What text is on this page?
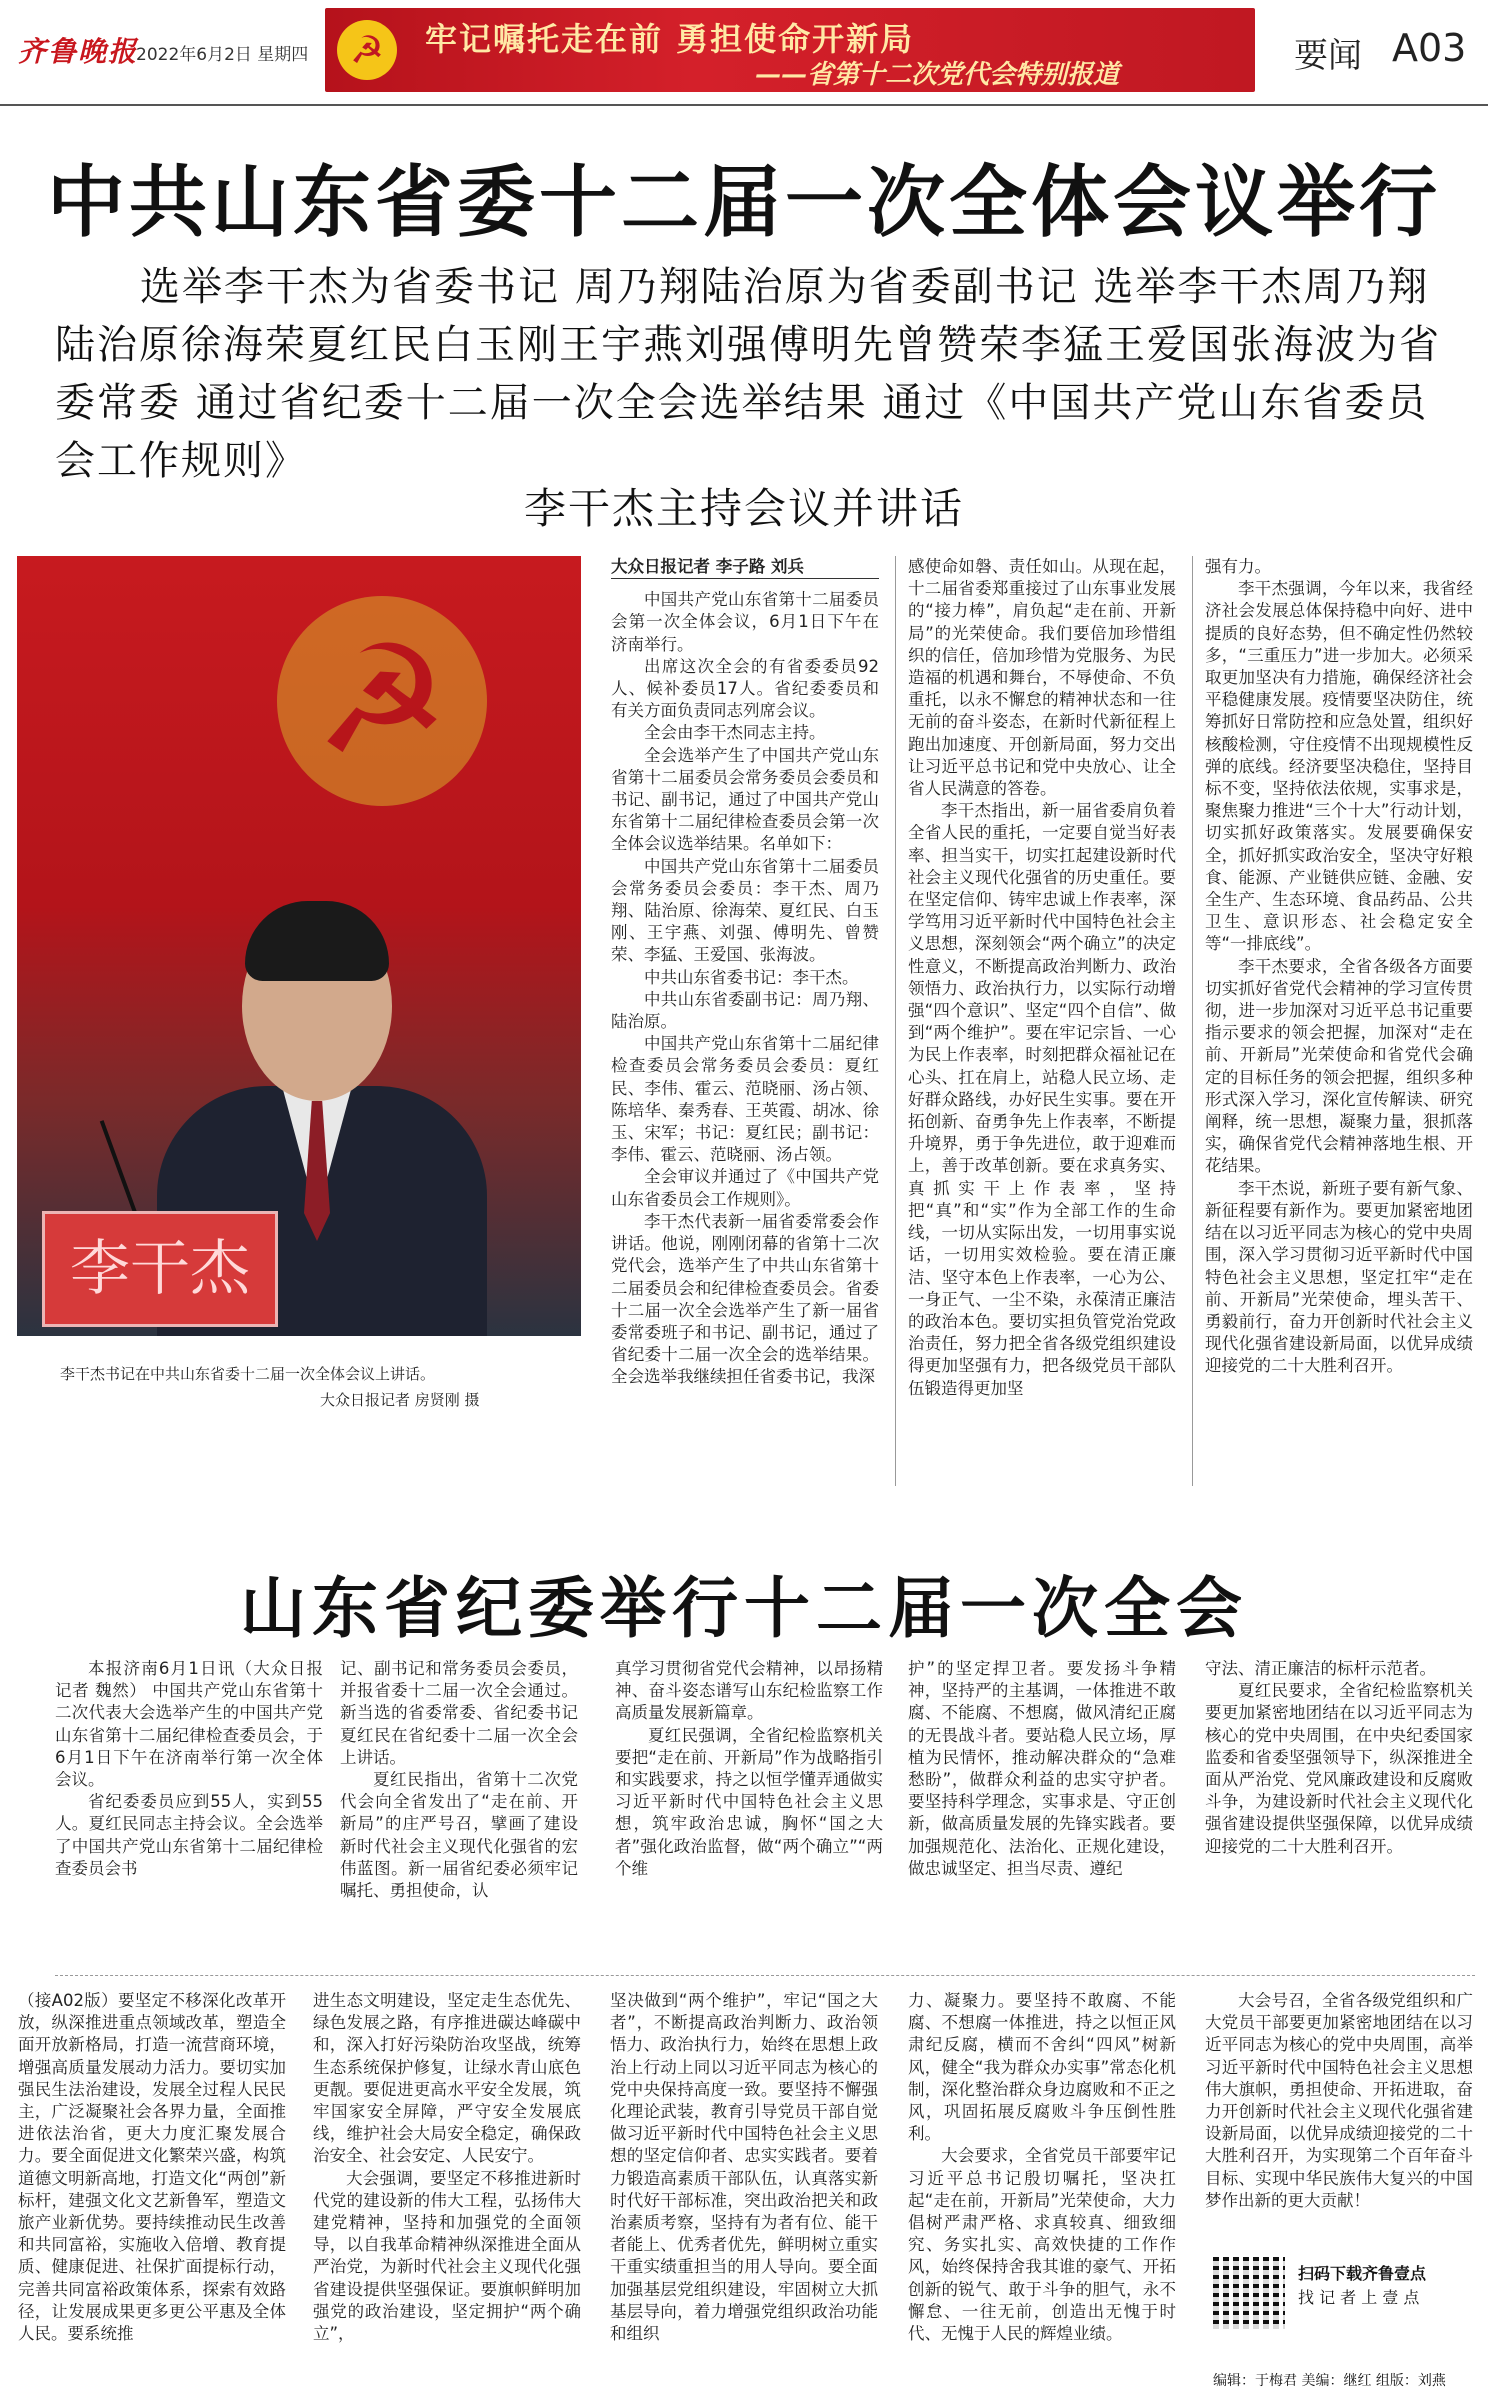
齐鲁晚报
2022年6月2日 星期四	☭	牢记嘱托走在前 勇担使命开新局
——省第十二次党代会特别报道	要闻 A03
中共山东省委十二届一次全体会议举行
选举李干杰为省委书记 周乃翔陆治原为省委副书记 选举李干杰周乃翔陆治原徐海荣夏红民白玉刚王宇燕刘强傅明先曾赞荣李猛王爱国张海波为省委常委 通过省纪委十二届一次全会选举结果 通过《中国共产党山东省委员会工作规则》
李干杰主持会议并讲话
☭
李干杰
李干杰书记在中共山东省委十二届一次全体会议上讲话。
大众日报记者 房贤刚 摄
大众日报记者 李子路 刘兵

中国共产党山东省第十二届委员会第一次全体会议，6月1日下午在济南举行。

出席这次全会的有省委委员92人、候补委员17人。省纪委委员和有关方面负责同志列席会议。

全会由李干杰同志主持。

全会选举产生了中国共产党山东省第十二届委员会常务委员会委员和书记、副书记，通过了中国共产党山东省第十二届纪律检查委员会第一次全体会议选举结果。名单如下：

中国共产党山东省第十二届委员会常务委员会委员：李干杰、周乃翔、陆治原、徐海荣、夏红民、白玉刚、王宇燕、刘强、傅明先、曾赞荣、李猛、王爱国、张海波。

中共山东省委书记：李干杰。

中共山东省委副书记：周乃翔、陆治原。

中国共产党山东省第十二届纪律检查委员会常务委员会委员：夏红民、李伟、霍云、范晓丽、汤占领、陈培华、秦秀春、王英霞、胡冰、徐玉、宋军；书记：夏红民；副书记：李伟、霍云、范晓丽、汤占领。

全会审议并通过了《中国共产党山东省委员会工作规则》。

李干杰代表新一届省委常委会作讲话。他说，刚刚闭幕的省第十二次党代会，选举产生了中共山东省第十二届委员会和纪律检查委员会。省委十二届一次全会选举产生了新一届省委常委班子和书记、副书记，通过了省纪委十二届一次全会的选举结果。全会选举我继续担任省委书记，我深

感使命如磐、责任如山。从现在起，十二届省委郑重接过了山东事业发展的“接力棒”，肩负起“走在前、开新局”的光荣使命。我们要倍加珍惜组织的信任，倍加珍惜为党服务、为民造福的机遇和舞台，不辱使命、不负重托，以永不懈怠的精神状态和一往无前的奋斗姿态，在新时代新征程上跑出加速度、开创新局面，努力交出让习近平总书记和党中央放心、让全省人民满意的答卷。

李干杰指出，新一届省委肩负着全省人民的重托，一定要自觉当好表率、担当实干，切实扛起建设新时代社会主义现代化强省的历史重任。要在坚定信仰、铸牢忠诚上作表率，深学笃用习近平新时代中国特色社会主义思想，深刻领会“两个确立”的决定性意义，不断提高政治判断力、政治领悟力、政治执行力，以实际行动增强“四个意识”、坚定“四个自信”、做到“两个维护”。要在牢记宗旨、一心为民上作表率，时刻把群众福祉记在心头、扛在肩上，站稳人民立场、走好群众路线，办好民生实事。要在开拓创新、奋勇争先上作表率，不断提升境界，勇于争先进位，敢于迎难而上，善于改革创新。要在求真务实、真抓实干上作表率，坚持把“真”和“实”作为全部工作的生命线，一切从实际出发，一切用事实说话，一切用实效检验。要在清正廉洁、坚守本色上作表率，一心为公、一身正气、一尘不染，永葆清正廉洁的政治本色。要切实担负管党治党政治责任，努力把全省各级党组织建设得更加坚强有力，把各级党员干部队伍锻造得更加坚

强有力。

李干杰强调，今年以来，我省经济社会发展总体保持稳中向好、进中提质的良好态势，但不确定性仍然较多，“三重压力”进一步加大。必须采取更加坚决有力措施，确保经济社会平稳健康发展。疫情要坚决防住，统筹抓好日常防控和应急处置，组织好核酸检测，守住疫情不出现规模性反弹的底线。经济要坚决稳住，坚持目标不变，坚持依法依规，实事求是，聚焦聚力推进“三个十大”行动计划，切实抓好政策落实。发展要确保安全，抓好抓实政治安全，坚决守好粮食、能源、产业链供应链、金融、安全生产、生态环境、食品药品、公共卫生、意识形态、社会稳定安全等“一排底线”。

李干杰要求，全省各级各方面要切实抓好省党代会精神的学习宣传贯彻，进一步加深对习近平总书记重要指示要求的领会把握，加深对“走在前、开新局”光荣使命和省党代会确定的目标任务的领会把握，组织多种形式深入学习，深化宣传解读、研究阐释，统一思想，凝聚力量，狠抓落实，确保省党代会精神落地生根、开花结果。

李干杰说，新班子要有新气象、新征程要有新作为。要更加紧密地团结在以习近平同志为核心的党中央周围，深入学习贯彻习近平新时代中国特色社会主义思想，坚定扛牢“走在前、开新局”光荣使命，埋头苦干、勇毅前行，奋力开创新时代社会主义现代化强省建设新局面，以优异成绩迎接党的二十大胜利召开。

山东省纪委举行十二届一次全会

本报济南6月1日讯（大众日报记者 魏然） 中国共产党山东省第十二次代表大会选举产生的中国共产党山东省第十二届纪律检查委员会，于6月1日下午在济南举行第一次全体会议。

省纪委委员应到55人，实到55人。夏红民同志主持会议。全会选举了中国共产党山东省第十二届纪律检查委员会书

记、副书记和常务委员会委员，并报省委十二届一次全会通过。新当选的省委常委、省纪委书记夏红民在省纪委十二届一次全会上讲话。

夏红民指出，省第十二次党代会向全省发出了“走在前、开新局”的庄严号召，擘画了建设新时代社会主义现代化强省的宏伟蓝图。新一届省纪委必须牢记嘱托、勇担使命，认

真学习贯彻省党代会精神，以昂扬精神、奋斗姿态谱写山东纪检监察工作高质量发展新篇章。

夏红民强调，全省纪检监察机关要把“走在前、开新局”作为战略指引和实践要求，持之以恒学懂弄通做实习近平新时代中国特色社会主义思想，筑牢政治忠诚，胸怀“国之大者”强化政治监督，做“两个确立”“两个维

护”的坚定捍卫者。要发扬斗争精神，坚持严的主基调，一体推进不敢腐、不能腐、不想腐，做风清纪正腐的无畏战斗者。要站稳人民立场，厚植为民情怀，推动解决群众的“急难愁盼”，做群众利益的忠实守护者。要坚持科学理念，实事求是、守正创新，做高质量发展的先锋实践者。要加强规范化、法治化、正规化建设，做忠诚坚定、担当尽责、遵纪

守法、清正廉洁的标杆示范者。

夏红民要求，全省纪检监察机关要更加紧密地团结在以习近平同志为核心的党中央周围，在中央纪委国家监委和省委坚强领导下，纵深推进全面从严治党、党风廉政建设和反腐败斗争，为建设新时代社会主义现代化强省建设提供坚强保障，以优异成绩迎接党的二十大胜利召开。

（接A02版）要坚定不移深化改革开放，纵深推进重点领域改革，塑造全面开放新格局，打造一流营商环境，增强高质量发展动力活力。要切实加强民生法治建设，发展全过程人民民主，广泛凝聚社会各界力量，全面推进依法治省，更大力度汇聚发展合力。要全面促进文化繁荣兴盛，构筑道德文明新高地，打造文化“两创”新标杆，建强文化文艺新鲁军，塑造文旅产业新优势。要持续推动民生改善和共同富裕，实施收入倍增、教育提质、健康促进、社保扩面提标行动，完善共同富裕政策体系，探索有效路径，让发展成果更多更公平惠及全体人民。要系统推

进生态文明建设，坚定走生态优先、绿色发展之路，有序推进碳达峰碳中和，深入打好污染防治攻坚战，统筹生态系统保护修复，让绿水青山底色更靓。要促进更高水平安全发展，筑牢国家安全屏障，严守安全发展底线，维护社会大局安全稳定，确保政治安全、社会安定、人民安宁。

大会强调，要坚定不移推进新时代党的建设新的伟大工程，弘扬伟大建党精神，坚持和加强党的全面领导，以自我革命精神纵深推进全面从严治党，为新时代社会主义现代化强省建设提供坚强保证。要旗帜鲜明加强党的政治建设，坚定拥护“两个确立”，

坚决做到“两个维护”，牢记“国之大者”，不断提高政治判断力、政治领悟力、政治执行力，始终在思想上政治上行动上同以习近平同志为核心的党中央保持高度一致。要坚持不懈强化理论武装，教育引导党员干部自觉做习近平新时代中国特色社会主义思想的坚定信仰者、忠实实践者。要着力锻造高素质干部队伍，认真落实新时代好干部标准，突出政治把关和政治素质考察，坚持有为者有位、能干者能上、优秀者优先，鲜明树立重实干重实绩重担当的用人导向。要全面加强基层党组织建设，牢固树立大抓基层导向，着力增强党组织政治功能和组织

力、凝聚力。要坚持不敢腐、不能腐、不想腐一体推进，持之以恒正风肃纪反腐，横而不舍纠“四风”树新风，健全“我为群众办实事”常态化机制，深化整治群众身边腐败和不正之风，巩固拓展反腐败斗争压倒性胜利。

大会要求，全省党员干部要牢记习近平总书记殷切嘱托，坚决扛起“走在前，开新局”光荣使命，大力倡树严肃严格、求真较真、细致细究、务实扎实、高效快捷的工作作风，始终保持舍我其谁的豪气、开拓创新的锐气、敢于斗争的胆气，永不懈怠、一往无前，创造出无愧于时代、无愧于人民的辉煌业绩。

大会号召，全省各级党组织和广大党员干部要更加紧密地团结在以习近平同志为核心的党中央周围，高举习近平新时代中国特色社会主义思想伟大旗帜，勇担使命、开拓进取，奋力开创新时代社会主义现代化强省建设新局面，以优异成绩迎接党的二十大胜利召开，为实现第二个百年奋斗目标、实现中华民族伟大复兴的中国梦作出新的更大贡献！

扫码下载齐鲁壹点
找 记 者 上 壹 点
编辑：于梅君 美编：继红 组版：刘燕
